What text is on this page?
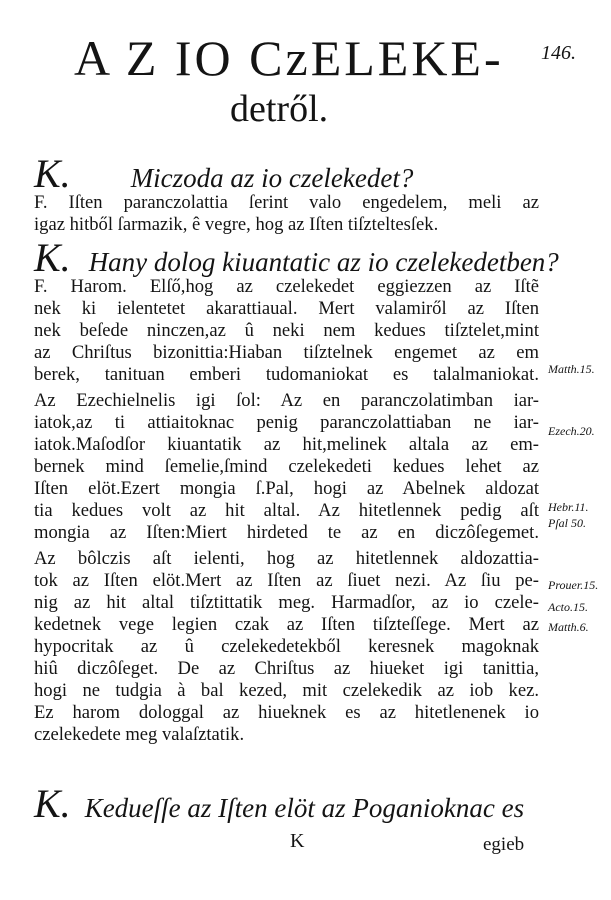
A Z IO CzELEKE-	146.
detről.
K. Miczoda az io czelekedet?
F. Iſten paranczolattia ſerint valo engedelem, meli az
igaz hitből ſarmazik, ê vegre, hog az Iſten tiſzteltesſek.
K. Hany dolog kiuantatic az io czelekedetben?
F. Harom. Elſő,hog az czelekedet eggiezzen az Iſtẽ
nek ki ielentetet akarattiaual. Mert valamiről az Iſten
nek beſede ninczen,az û neki nem kedues tiſztelet,mint
az Chriſtus bizonittia:Hiaban tiſztelnek engemet az em
berek, tanituan emberi tudomaniokat es talalmaniokat.
Az Ezechielnelis igi ſol: Az en paranczolatimban iar-
iatok,az ti attiaitoknac penig paranczolattiaban ne iar-
iatok.Maſodſor kiuantatik az hit,melinek altala az em-
bernek mind ſemelie,ſmind czelekedeti kedues lehet az
Iſten elöt.Ezert mongia ſ.Pal, hogi az Abelnek aldozat
tia kedues volt az hit altal. Az hitetlennek pedig aſt
mongia az Iſten:Miert hirdeted te az en diczôſegemet.
Az bôlczis aſt ielenti, hog az hitetlennek aldozattia-
tok az Iſten elöt.Mert az Iſten az ſiuet nezi. Az ſiu pe-
nig az hit altal tiſztittatik meg. Harmadſor, az io czele-
kedetnek vege legien czak az Iſten tiſzteſſege. Mert az
hypocritak az û czelekedetekből keresnek magoknak
hiû diczôſeget. De az Chriſtus az hiueket igi tanittia,
hogi ne tudgia à bal kezed, mit czelekedik az iob kez.
Ez harom dologgal az hiueknek es az hitetlenenek io
czelekedete meg valaſztatik.
Matth.15.
Ezech.20.
Hebr.11.
Pſal 50.
Prouer.15.
Acto.15.
Matth.6.
K. Kedueſſe az Iſten elöt az Poganioknac es
K	egieb
